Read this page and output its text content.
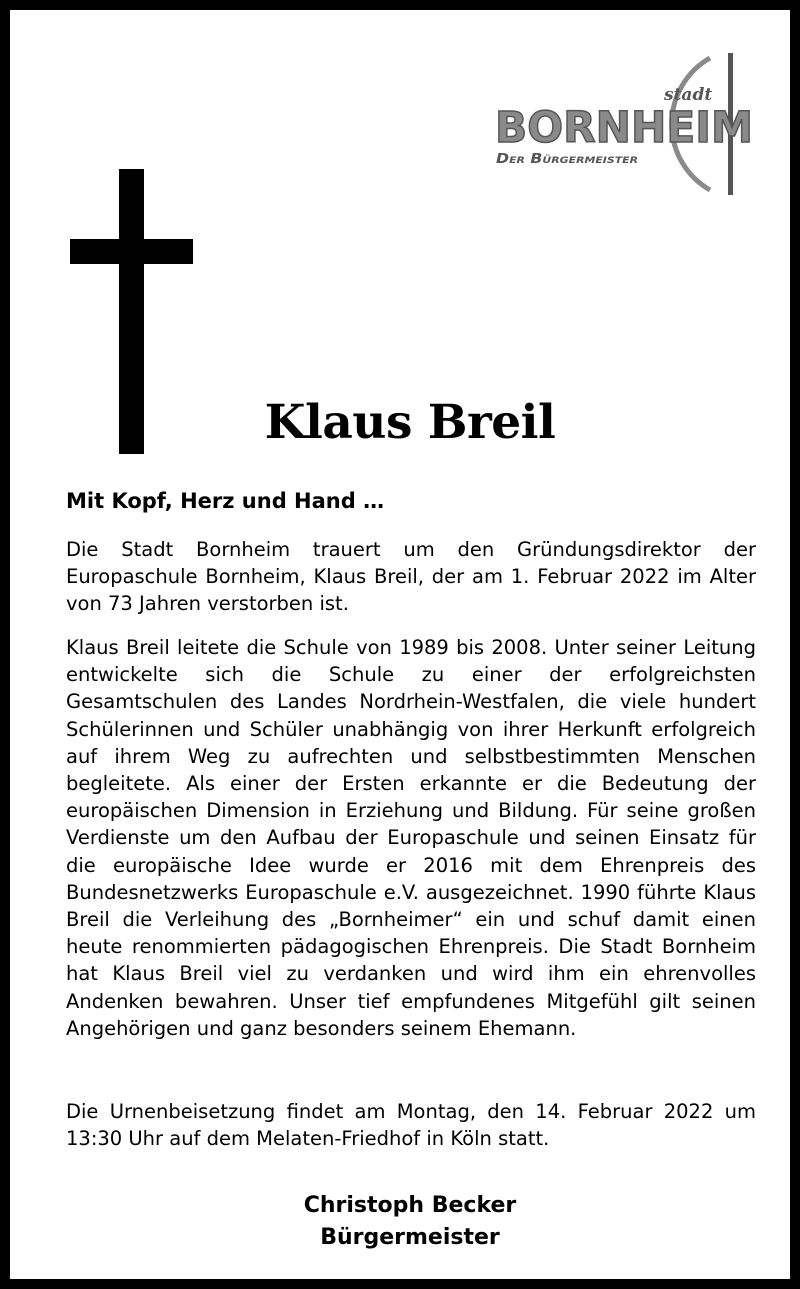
stadt
BORNHEIM
Der Bürgermeister
Klaus Breil
Mit Kopf, Herz und Hand …

Die Stadt Bornheim trauert um den Gründungsdirektor der Europaschule Bornheim, Klaus Breil, der am 1. Februar 2022 im Alter von 73 Jahren verstorben ist.

Klaus Breil leitete die Schule von 1989 bis 2008. Unter seiner Leitung entwickelte sich die Schule zu einer der erfolgreichsten Gesamtschulen des Landes Nordrhein-Westfalen, die viele hundert Schülerinnen und Schüler unabhängig von ihrer Herkunft erfolgreich auf ihrem Weg zu aufrechten und selbstbestimmten Menschen begleitete. Als einer der Ersten erkannte er die Bedeutung der europäischen Dimension in Erziehung und Bildung. Für seine großen Verdienste um den Aufbau der Europaschule und seinen Einsatz für die europäische Idee wurde er 2016 mit dem Ehrenpreis des Bundesnetzwerks Europaschule e.V. ausgezeichnet. 1990 führte Klaus Breil die Verleihung des „Bornheimer“ ein und schuf damit einen heute renommierten pädagogischen Ehrenpreis. Die Stadt Bornheim hat Klaus Breil viel zu verdanken und wird ihm ein ehrenvolles Andenken bewahren. Unser tief empfundenes Mitgefühl gilt seinen Angehörigen und ganz besonders seinem Ehemann.

Die Urnenbeisetzung findet am Montag, den 14. Februar 2022 um 13:30 Uhr auf dem Melaten-Friedhof in Köln statt.

Christoph Becker
Bürgermeister
